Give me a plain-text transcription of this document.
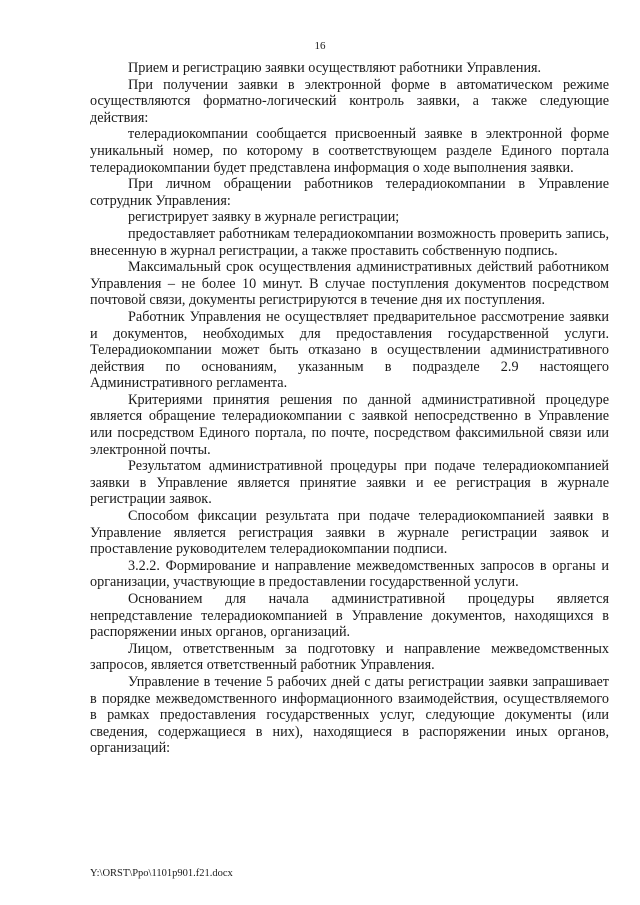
16

Прием и регистрацию заявки осуществляют работники Управления.

При получении заявки в электронной форме в автоматическом режиме осуществляются форматно-логический контроль заявки, а также следующие действия:

телерадиокомпании сообщается присвоенный заявке в электронной форме уникальный номер, по которому в соответствующем разделе Единого портала телерадиокомпании будет представлена информация о ходе выполнения заявки.

При личном обращении работников телерадиокомпании в Управление сотрудник Управления:

регистрирует заявку в журнале регистрации;

предоставляет работникам телерадиокомпании возможность проверить запись, внесенную в журнал регистрации, а также проставить собственную подпись.

Максимальный срок осуществления административных действий работником Управления – не более 10 минут. В случае поступления документов посредством почтовой связи, документы регистрируются в течение дня их поступления.

Работник Управления не осуществляет предварительное рассмотрение заявки и документов, необходимых для предоставления государственной услуги. Телерадиокомпании может быть отказано в осуществлении административного действия по основаниям, указанным в подразделе 2.9 настоящего Административного регламента.

Критериями принятия решения по данной административной процедуре является обращение телерадиокомпании с заявкой непосредственно в Управление или посредством Единого портала, по почте, посредством факсимильной связи или электронной почты.

Результатом административной процедуры при подаче телерадиокомпанией заявки в Управление является принятие заявки и ее регистрация в журнале регистрации заявок.

Способом фиксации результата при подаче телерадиокомпанией заявки в Управление является регистрация заявки в журнале регистрации заявок и проставление руководителем телерадиокомпании подписи.

3.2.2. Формирование и направление межведомственных запросов в органы и организации, участвующие в предоставлении государственной услуги.

Основанием для начала административной процедуры является непредставление телерадиокомпанией в Управление документов, находящихся в распоряжении иных органов, организаций.

Лицом, ответственным за подготовку и направление межведомственных запросов, является ответственный работник Управления.

Управление в течение 5 рабочих дней с даты регистрации заявки запрашивает в порядке межведомственного информационного взаимодействия, осуществляемого в рамках предоставления государственных услуг, следующие документы (или сведения, содержащиеся в них), находящиеся в распоряжении иных органов, организаций:

Y:\ORST\Ppo\1101p901.f21.docx
